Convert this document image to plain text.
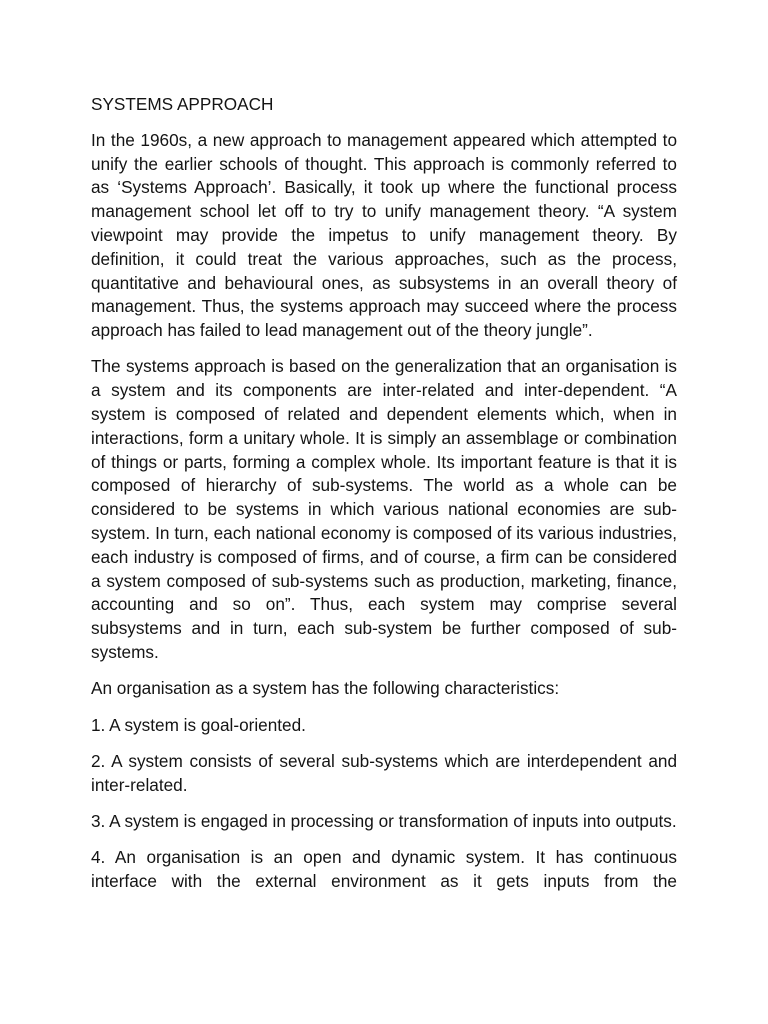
SYSTEMS APPROACH

In the 1960s, a new approach to management appeared which attempted to unify the earlier schools of thought. This approach is commonly referred to as ‘Systems Approach’. Basically, it took up where the functional process management school let off to try to unify management theory. “A system viewpoint may provide the impetus to unify management theory. By definition, it could treat the various approaches, such as the process, quantitative and behavioural ones, as subsystems in an overall theory of management. Thus, the systems approach may succeed where the process approach has failed to lead management out of the theory jungle”.

The systems approach is based on the generalization that an organisation is a system and its components are inter-related and inter-dependent. “A system is composed of related and dependent elements which, when in interactions, form a unitary whole. It is simply an assemblage or combination of things or parts, forming a complex whole. Its important feature is that it is composed of hierarchy of sub-systems. The world as a whole can be considered to be systems in which various national economies are sub-system. In turn, each national economy is composed of its various industries, each industry is composed of firms, and of course, a firm can be considered a system composed of sub-systems such as production, marketing, finance, accounting and so on”. Thus, each system may comprise several subsystems and in turn, each sub-system be further composed of sub-systems.

An organisation as a system has the following characteristics:

1. A system is goal-oriented.

2. A system consists of several sub-systems which are interdependent and inter-related.

3. A system is engaged in processing or transformation of inputs into outputs.

4. An organisation is an open and dynamic system. It has continuous interface with the external environment as it gets inputs from the
